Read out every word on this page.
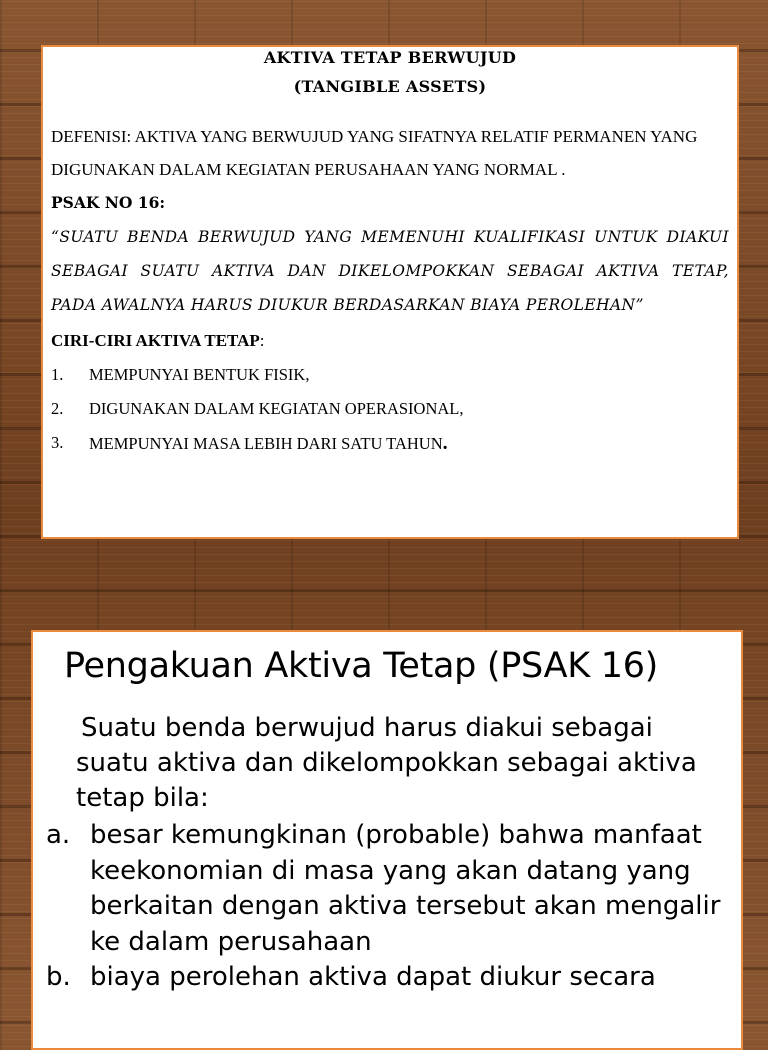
AKTIVA TETAP BERWUJUD
(TANGIBLE ASSETS)
DEFENISI: AKTIVA YANG BERWUJUD YANG SIFATNYA RELATIF PERMANEN YANG DIGUNAKAN DALAM KEGIATAN PERUSAHAAN YANG NORMAL .
PSAK NO 16:
“SUATU BENDA BERWUJUD YANG MEMENUHI KUALIFIKASI UNTUK DIAKUI SEBAGAI SUATU AKTIVA DAN DIKELOMPOKKAN SEBAGAI AKTIVA TETAP, PADA AWALNYA HARUS DIUKUR BERDASARKAN BIAYA PEROLEHAN”
CIRI-CIRI AKTIVA TETAP:
1.	MEMPUNYAI BENTUK FISIK,
2.	DIGUNAKAN DALAM KEGIATAN OPERASIONAL,
3.	MEMPUNYAI MASA LEBIH DARI SATU TAHUN.
Pengakuan Aktiva Tetap (PSAK 16)
Suatu benda berwujud harus diakui sebagai suatu aktiva dan dikelompokkan sebagai aktiva tetap bila:
a. besar kemungkinan (probable) bahwa manfaat keekonomian di masa yang akan datang yang berkaitan dengan aktiva tersebut akan mengalir ke dalam perusahaan
b. biaya perolehan aktiva dapat diukur secara
